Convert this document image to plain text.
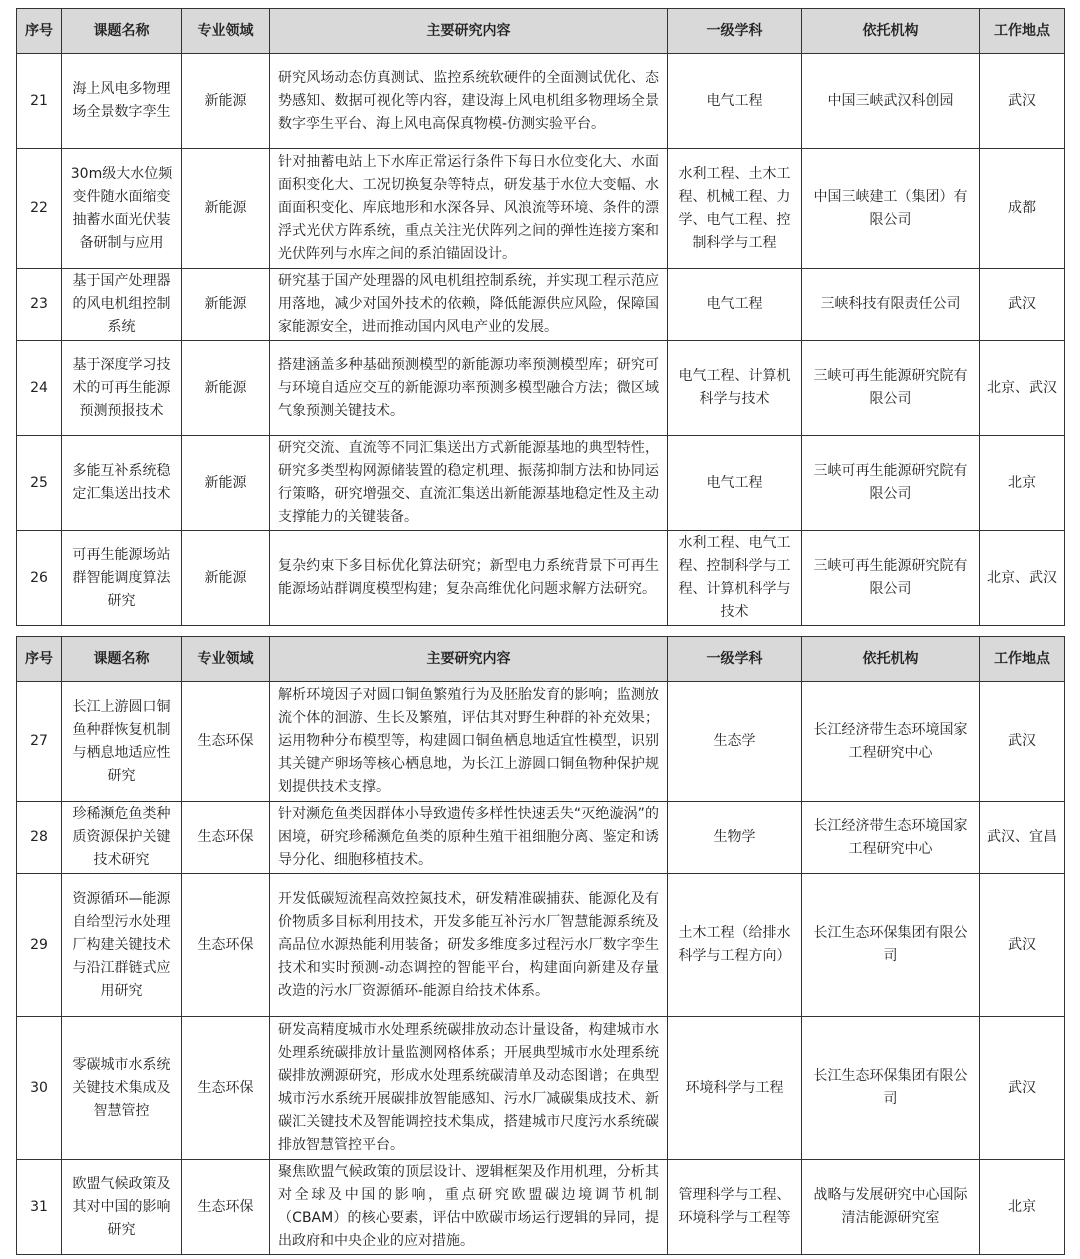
序号	课题名称	专业领域	主要研究内容	一级学科	依托机构	工作地点
21	海上风电多物理场全景数字孪生	新能源	研究风场动态仿真测试、监控系统软硬件的全面测试优化、态势感知、数据可视化等内容，建设海上风电机组多物理场全景数字孪生平台、海上风电高保真物模-仿测实验平台。	电气工程	中国三峡武汉科创园	武汉
22	30m级大水位频变件随水面缩变抽蓄水面光伏装备研制与应用	新能源	针对抽蓄电站上下水库正常运行条件下每日水位变化大、水面面积变化大、工况切换复杂等特点，研发基于水位大变幅、水面面积变化、库底地形和水深各异、风浪流等环境、条件的漂浮式光伏方阵系统，重点关注光伏阵列之间的弹性连接方案和光伏阵列与水库之间的系泊锚固设计。	水利工程、土木工程、机械工程、力学、电气工程、控制科学与工程	中国三峡建工（集团）有限公司	成都
23	基于国产处理器的风电机组控制系统	新能源	研究基于国产处理器的风电机组控制系统，并实现工程示范应用落地，减少对国外技术的依赖，降低能源供应风险，保障国家能源安全，进而推动国内风电产业的发展。	电气工程	三峡科技有限责任公司	武汉
24	基于深度学习技术的可再生能源预测预报技术	新能源	搭建涵盖多种基础预测模型的新能源功率预测模型库；研究可与环境自适应交互的新能源功率预测多模型融合方法；微区域气象预测关键技术。	电气工程、计算机科学与技术	三峡可再生能源研究院有限公司	北京、武汉
25	多能互补系统稳定汇集送出技术	新能源	研究交流、直流等不同汇集送出方式新能源基地的典型特性，研究多类型构网源储装置的稳定机理、振荡抑制方法和协同运行策略，研究增强交、直流汇集送出新能源基地稳定性及主动支撑能力的关键装备。	电气工程	三峡可再生能源研究院有限公司	北京
26	可再生能源场站群智能调度算法研究	新能源	复杂约束下多目标优化算法研究；新型电力系统背景下可再生能源场站群调度模型构建；复杂高维优化问题求解方法研究。	水利工程、电气工程、控制科学与工程、计算机科学与技术	三峡可再生能源研究院有限公司	北京、武汉
序号	课题名称	专业领域	主要研究内容	一级学科	依托机构	工作地点
27	长江上游圆口铜鱼种群恢复机制与栖息地适应性研究	生态环保	解析环境因子对圆口铜鱼繁殖行为及胚胎发育的影响；监测放流个体的洄游、生长及繁殖，评估其对野生种群的补充效果；运用物种分布模型等，构建圆口铜鱼栖息地适宜性模型，识别其关键产卵场等核心栖息地，为长江上游圆口铜鱼物种保护规划提供技术支撑。	生态学	长江经济带生态环境国家工程研究中心	武汉
28	珍稀濒危鱼类种质资源保护关键技术研究	生态环保	针对濒危鱼类因群体小导致遗传多样性快速丢失“灭绝漩涡”的困境，研究珍稀濒危鱼类的原种生殖干祖细胞分离、鉴定和诱导分化、细胞移植技术。	生物学	长江经济带生态环境国家工程研究中心	武汉、宜昌
29	资源循环—能源自给型污水处理厂构建关键技术与沿江群链式应用研究	生态环保	开发低碳短流程高效控氮技术，研发精准碳捕获、能源化及有价物质多目标利用技术，开发多能互补污水厂智慧能源系统及高品位水源热能利用装备；研发多维度多过程污水厂数字孪生技术和实时预测-动态调控的智能平台，构建面向新建及存量改造的污水厂资源循环-能源自给技术体系。	土木工程（给排水科学与工程方向）	长江生态环保集团有限公司	武汉
30	零碳城市水系统关键技术集成及智慧管控	生态环保	研发高精度城市水处理系统碳排放动态计量设备，构建城市水处理系统碳排放计量监测网格体系；开展典型城市水处理系统碳排放溯源研究，形成水处理系统碳清单及动态图谱；在典型城市污水系统开展碳排放智能感知、污水厂减碳集成技术、新碳汇关键技术及智能调控技术集成，搭建城市尺度污水系统碳排放智慧管控平台。	环境科学与工程	长江生态环保集团有限公司	武汉
31	欧盟气候政策及其对中国的影响研究	生态环保	聚焦欧盟气候政策的顶层设计、逻辑框架及作用机理，分析其对全球及中国的影响，重点研究欧盟碳边境调节机制（CBAM）的核心要素，评估中欧碳市场运行逻辑的异同，提出政府和中央企业的应对措施。	管理科学与工程、环境科学与工程等	战略与发展研究中心国际清洁能源研究室	北京
